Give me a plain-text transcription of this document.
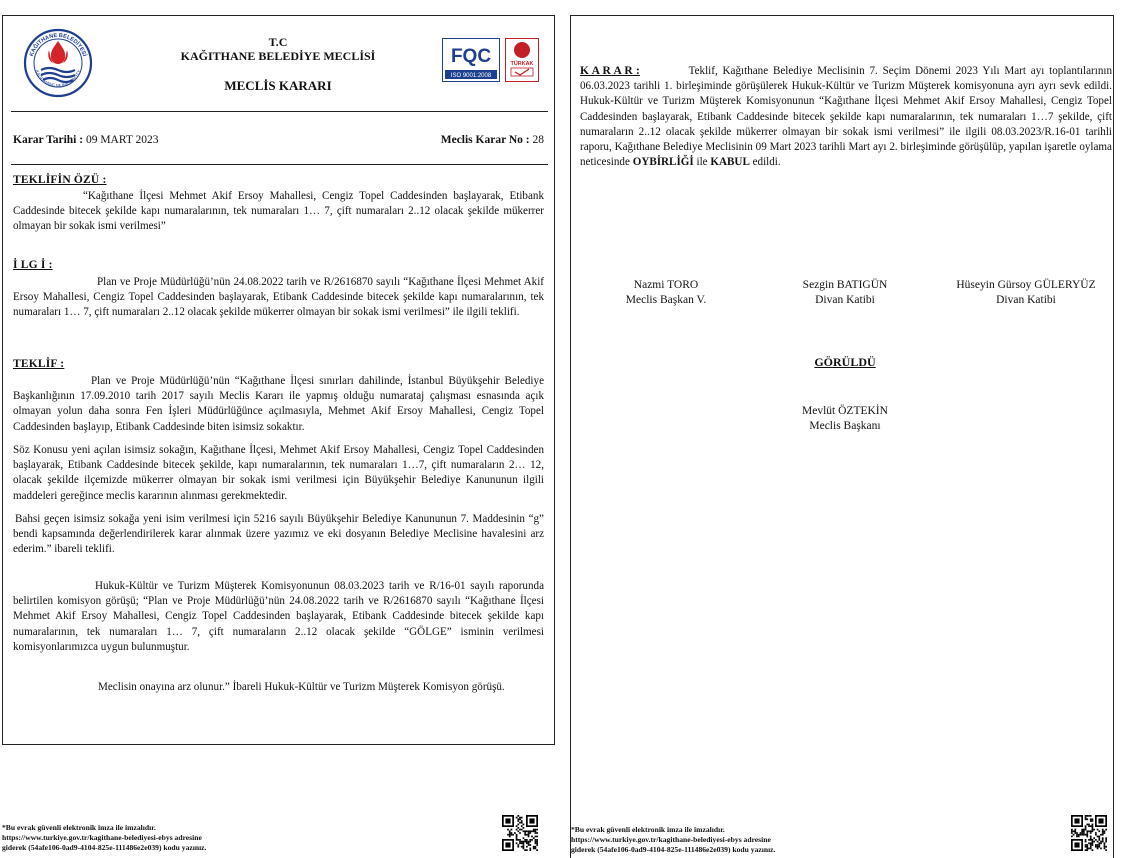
KAĞITHANE BELEDİYESİ
KAĞITHANE MUNICIPALITY
T.C
KAĞITHANE BELEDİYE MECLİSİ
MECLİS KARARI
FQC
ISO 9001:2008
TÜRKAK
Karar Tarihi : 09 MART 2023	Meclis Karar No : 28
TEKLİFİN ÖZÜ :
“Kağıthane İlçesi Mehmet Akif Ersoy Mahallesi, Cengiz Topel Caddesinden başlayarak, Etibank Caddesinde bitecek şekilde kapı numaralarının, tek numaraları 1… 7, çift numaraları 2..12 olacak şekilde mükerrer olmayan bir sokak ismi verilmesi”
İ LG İ :
Plan ve Proje Müdürlüğü’nün 24.08.2022 tarih ve R/2616870 sayılı “Kağıthane İlçesi Mehmet Akif Ersoy Mahallesi, Cengiz Topel Caddesinden başlayarak, Etibank Caddesinde bitecek şekilde kapı numaralarının, tek numaraları 1… 7, çift numaraları 2..12 olacak şekilde mükerrer olmayan bir sokak ismi verilmesi” ile ilgili teklifi.
TEKLİF :
Plan ve Proje Müdürlüğü’nün “Kağıthane İlçesi sınırları dahilinde, İstanbul Büyükşehir Belediye Başkanlığının 17.09.2010 tarih 2017 sayılı Meclis Kararı ile yapmış olduğu numarataj çalışması esnasında açık olmayan yolun daha sonra Fen İşleri Müdürlüğünce açılmasıyla, Mehmet Akif Ersoy Mahallesi, Cengiz Topel Caddesinden başlayıp, Etibank Caddesinde biten isimsiz sokaktır.
Söz Konusu yeni açılan isimsiz sokağın, Kağıthane İlçesi, Mehmet Akif Ersoy Mahallesi, Cengiz Topel Caddesinden başlayarak, Etibank Caddesinde bitecek şekilde, kapı numaralarının, tek numaraları 1…7, çift numaraların 2… 12, olacak şekilde ilçemizde mükerrer olmayan bir sokak ismi verilmesi için Büyükşehir Belediye Kanununun ilgili maddeleri gereğince meclis kararının alınması gerekmektedir.
Bahsi geçen isimsiz sokağa yeni isim verilmesi için 5216 sayılı Büyükşehir Belediye Kanununun 7. Maddesinin “g” bendi kapsamında değerlendirilerek karar alınmak üzere yazımız ve eki dosyanın Belediye Meclisine havalesini arz ederim.” ibareli teklifi.
Hukuk-Kültür ve Turizm Müşterek Komisyonunun 08.03.2023 tarih ve R/16-01 sayılı raporunda belirtilen komisyon görüşü; “Plan ve Proje Müdürlüğü’nün 24.08.2022 tarih ve R/2616870 sayılı “Kağıthane İlçesi Mehmet Akif Ersoy Mahallesi, Cengiz Topel Caddesinden başlayarak, Etibank Caddesinde bitecek şekilde kapı numaralarının, tek numaraları 1… 7, çift numaraların 2..12 olacak şekilde “GÖLGE” isminin verilmesi komisyonlarımızca uygun bulunmuştur.
Meclisin onayına arz olunur.” İbareli Hukuk-Kültür ve Turizm Müşterek Komisyon görüşü.
*Bu evrak güvenli elektronik imza ile imzalıdır.
https://www.turkiye.gov.tr/kagithane-belediyesi-ebys adresine
giderek (54afe106-0ad9-4104-825e-111486e2e039) kodu yazınız.
K A R A R :	Teklif, Kağıthane Belediye Meclisinin 7. Seçim Dönemi 2023 Yılı Mart ayı toplantılarının 06.03.2023 tarihli 1. birleşiminde görüşülerek Hukuk-Kültür ve Turizm Müşterek komisyonuna ayrı ayrı sevk edildi. Hukuk-Kültür ve Turizm Müşterek Komisyonunun “Kağıthane İlçesi Mehmet Akif Ersoy Mahallesi, Cengiz Topel Caddesinden başlayarak, Etibank Caddesinde bitecek şekilde kapı numaralarının, tek numaraları 1…7 şekilde, çift numaraların 2..12 olacak şekilde mükerrer olmayan bir sokak ismi verilmesi” ile ilgili 08.03.2023/R.16-01 tarihli raporu, Kağıthane Belediye Meclisinin 09 Mart 2023 tarihli Mart ayı 2. birleşiminde görüşülüp, yapılan işaretle oylama neticesinde OYBİRLİĞİ ile KABUL edildi.
Nazmi TORO
Meclis Başkan V.
Sezgin BATIGÜN
Divan Katibi
Hüseyin Gürsoy GÜLERYÜZ
Divan Katibi
GÖRÜLDÜ
Mevlüt ÖZTEKİN
Meclis Başkanı
*Bu evrak güvenli elektronik imza ile imzalıdır.
https://www.turkiye.gov.tr/kagithane-belediyesi-ebys adresine
giderek (54afe106-0ad9-4104-825e-111486e2e039) kodu yazınız.
